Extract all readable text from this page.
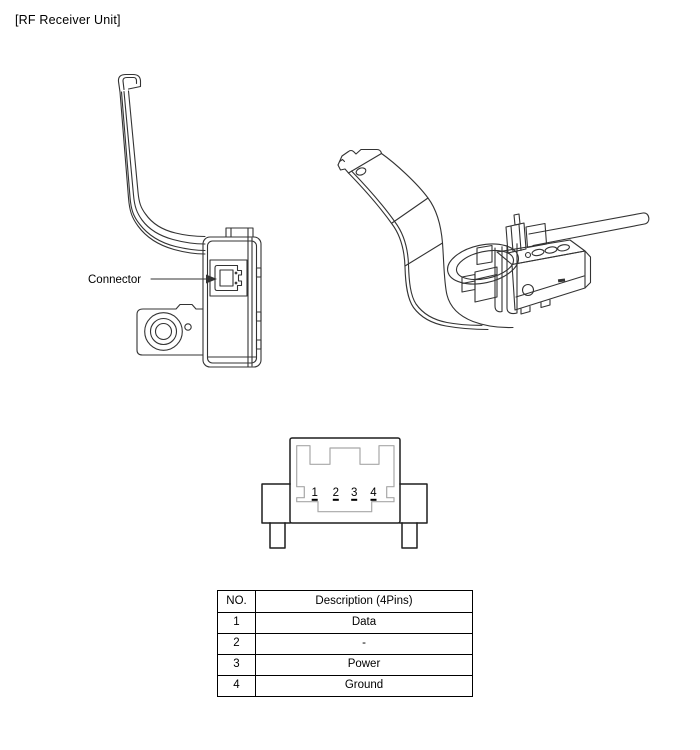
[RF Receiver Unit]
Connector
1 2 3 4
NO.	Description (4Pins)
1	Data
2	-
3	Power
4	Ground
